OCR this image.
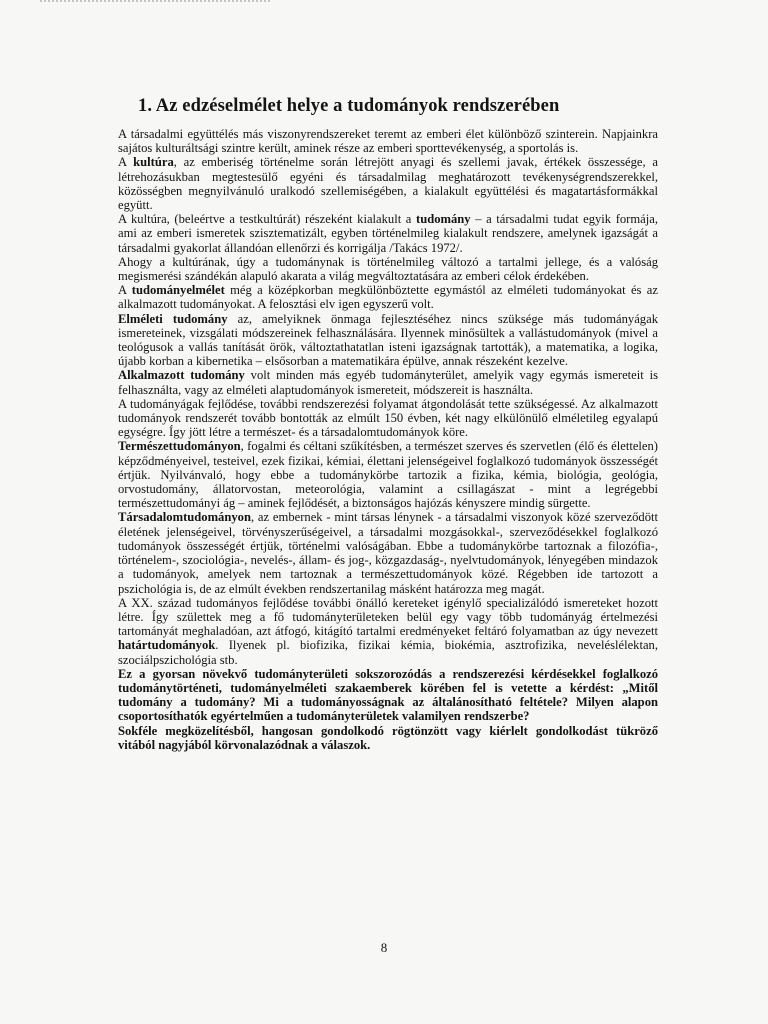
1. Az edzéselmélet helye a tudományok rendszerében

A társadalmi együttélés más viszonyrendszereket teremt az emberi élet különböző szinterein. Napjainkra sajátos kulturáltsági szintre került, aminek része az emberi sporttevékenység, a sportolás is.

A kultúra, az emberiség történelme során létrejött anyagi és szellemi javak, értékek összessége, a létrehozásukban megtestesülő egyéni és társadalmilag meghatározott tevékenységrendszerekkel, közösségben megnyilvánuló uralkodó szellemiségében, a kialakult együttélési és magatartásformákkal együtt.

A kultúra, (beleértve a testkultúrát) részeként kialakult a tudomány – a társadalmi tudat egyik formája, ami az emberi ismeretek szisztematizált, egyben történelmileg kialakult rendszere, amelynek igazságát a társadalmi gyakorlat állandóan ellenőrzi és korrigálja /Takács 1972/.

Ahogy a kultúrának, úgy a tudománynak is történelmileg változó a tartalmi jellege, és a valóság megismerési szándékán alapuló akarata a világ megváltoztatására az emberi célok érdekében.

A tudományelmélet még a középkorban megkülönböztette egymástól az elméleti tudományokat és az alkalmazott tudományokat. A felosztási elv igen egyszerű volt.

Elméleti tudomány az, amelyiknek önmaga fejlesztéséhez nincs szüksége más tudományágak ismereteinek, vizsgálati módszereinek felhasználására. Ilyennek minősültek a vallástudományok (mivel a teológusok a vallás tanítását örök, változtathatatlan isteni igazságnak tartották), a matematika, a logika, újabb korban a kibernetika – elsősorban a matematikára épülve, annak részeként kezelve.

Alkalmazott tudomány volt minden más egyéb tudományterület, amelyik vagy egymás ismereteit is felhasználta, vagy az elméleti alaptudományok ismereteit, módszereit is használta.

A tudományágak fejlődése, további rendszerezési folyamat átgondolását tette szükségessé. Az alkalmazott tudományok rendszerét tovább bontották az elmúlt 150 évben, két nagy elkülönülő elméletileg egyalapú egységre. Így jött létre a természet- és a társadalomtudományok köre.

Természettudományon, fogalmi és céltani szűkítésben, a természet szerves és szervetlen (élő és élettelen) képződményeivel, testeivel, ezek fizikai, kémiai, élettani jelenségeivel foglalkozó tudományok összességét értjük. Nyilvánvaló, hogy ebbe a tudománykörbe tartozik a fizika, kémia, biológia, geológia, orvostudomány, állatorvostan, meteorológia, valamint a csillagászat - mint a legrégebbi természettudományi ág – aminek fejlődését, a biztonságos hajózás kényszere mindig sürgette.

Társadalomtudományon, az embernek - mint társas lénynek - a társadalmi viszonyok közé szerveződött életének jelenségeivel, törvényszerűségeivel, a társadalmi mozgásokkal-, szerveződésekkel foglalkozó tudományok összességét értjük, történelmi valóságában. Ebbe a tudománykörbe tartoznak a filozófia-, történelem-, szociológia-, nevelés-, állam- és jog-, közgazdaság-, nyelvtudományok, lényegében mindazok a tudományok, amelyek nem tartoznak a természettudományok közé. Régebben ide tartozott a pszichológia is, de az elmúlt években rendszertanilag másként határozza meg magát.

A XX. század tudományos fejlődése további önálló kereteket igénylő specializálódó ismereteket hozott létre. Így születtek meg a fő tudományterületeken belül egy vagy több tudományág értelmezési tartományát meghaladóan, azt átfogó, kitágító tartalmi eredményeket feltáró folyamatban az úgy nevezett határtudományok. Ilyenek pl. biofizika, fizikai kémia, biokémia, asztrofizika, neveléslélektan, szociálpszichológia stb.

Ez a gyorsan növekvő tudományterületi sokszorozódás a rendszerezési kérdésekkel foglalkozó tudománytörténeti, tudományelméleti szakaemberek körében fel is vetette a kérdést: „Mitől tudomány a tudomány? Mi a tudományosságnak az általánosítható feltétele? Milyen alapon csoportosíthatók egyértelműen a tudományterületek valamilyen rendszerbe?

Sokféle megközelítésből, hangosan gondolkodó rögtönzött vagy kiérlelt gondolkodást tükröző vitából nagyjából körvonalazódnak a válaszok.

8
